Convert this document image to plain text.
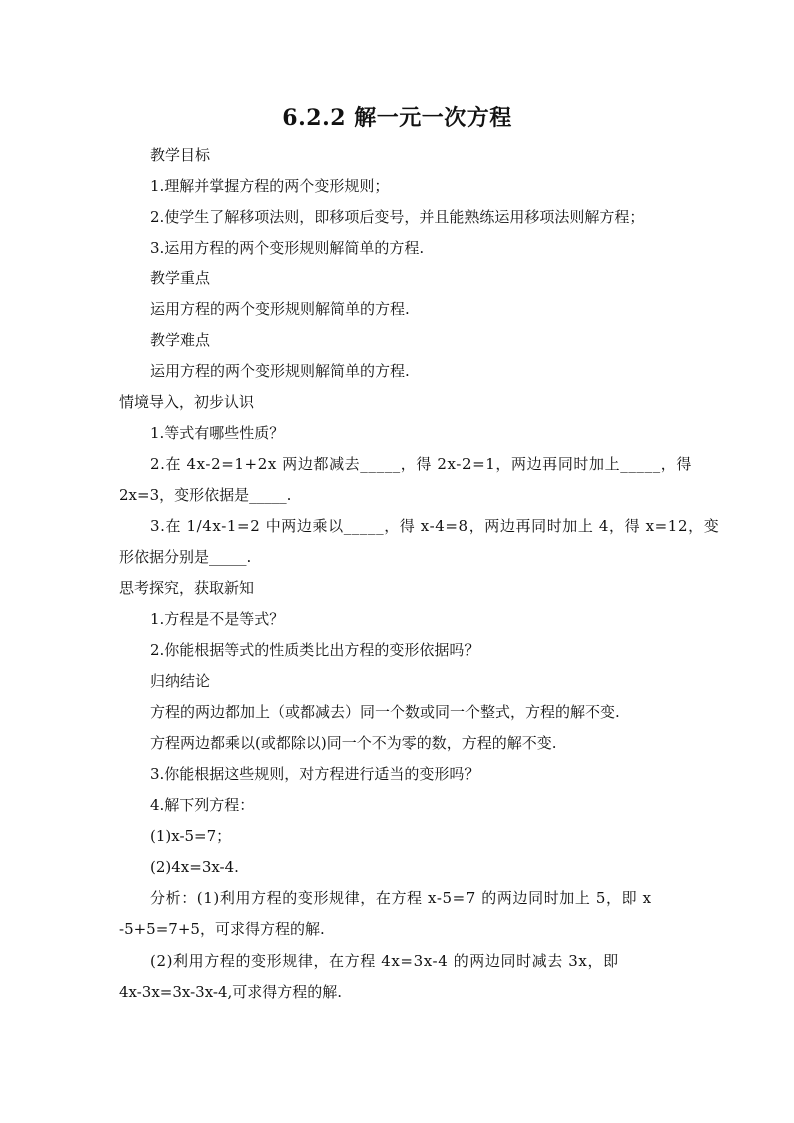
6.2.2 解一元一次方程
教学目标
1.理解并掌握方程的两个变形规则；
2.使学生了解移项法则，即移项后变号，并且能熟练运用移项法则解方程；
3.运用方程的两个变形规则解简单的方程.
教学重点
运用方程的两个变形规则解简单的方程.
教学难点
运用方程的两个变形规则解简单的方程.
情境导入，初步认识
1.等式有哪些性质？
2.在 4x-2=1+2x 两边都减去_____，得 2x-2=1，两边再同时加上_____，得
2x=3，变形依据是_____.
3.在 1/4x-1=2 中两边乘以_____，得 x-4=8，两边再同时加上 4，得 x=12，变
形依据分别是_____.
思考探究，获取新知
1.方程是不是等式？
2.你能根据等式的性质类比出方程的变形依据吗？
归纳结论
方程的两边都加上（或都减去）同一个数或同一个整式，方程的解不变.
方程两边都乘以(或都除以)同一个不为零的数，方程的解不变.
3.你能根据这些规则，对方程进行适当的变形吗？
4.解下列方程：
(1)x-5=7；
(2)4x=3x-4.
分析：(1)利用方程的变形规律，在方程 x-5=7 的两边同时加上 5，即 x
-5+5=7+5，可求得方程的解.
(2)利用方程的变形规律，在方程 4x=3x-4 的两边同时减去 3x，即
4x-3x=3x-3x-4,可求得方程的解.
